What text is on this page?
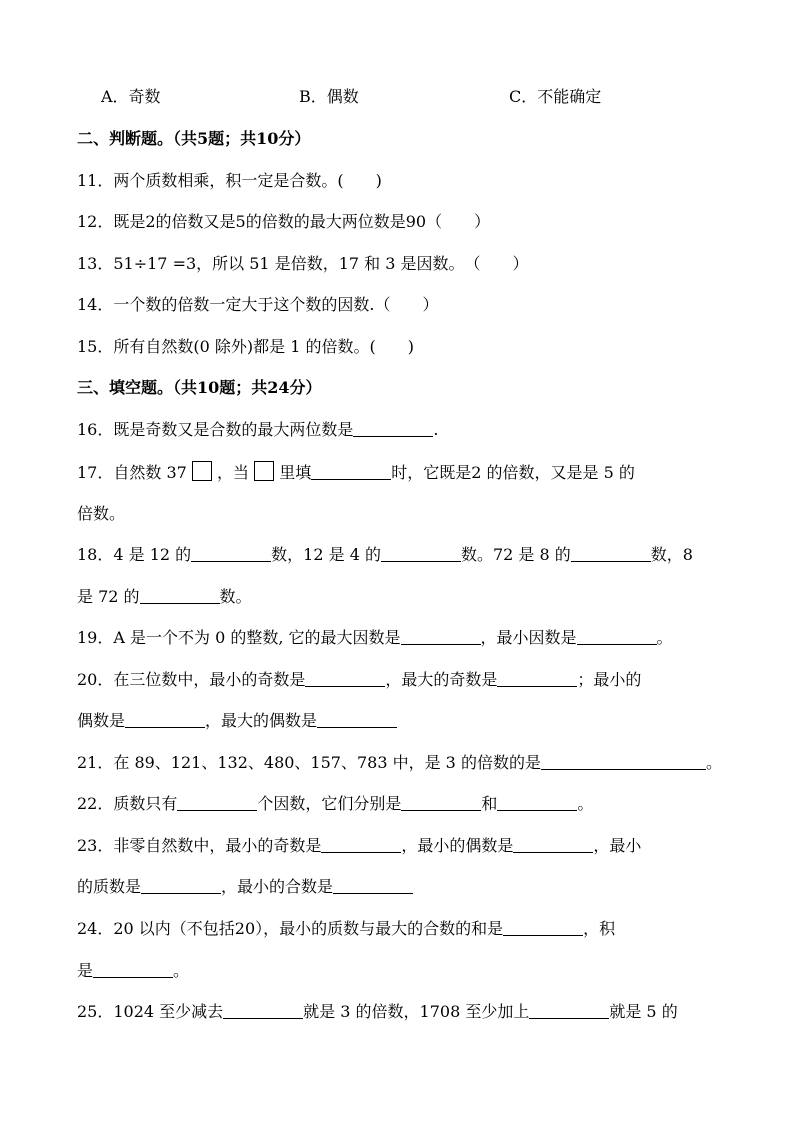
A．奇数	B．偶数	C．不能确定
二、判断题。（共5题；共10分）
11．两个质数相乘，积一定是合数。(　　)
12．既是2的倍数又是5的倍数的最大两位数是90（　　）
13．51÷17 =3，所以 51 是倍数，17 和 3 是因数。　（　　）
14．一个数的倍数一定大于这个数的因数.（　　）
15．所有自然数(0 除外)都是 1 的倍数。(　　)
三、填空题。（共10题；共24分）
16．既是奇数又是合数的最大两位数是	.
17．自然数 37 ，当 里填	时，它既是2 的倍数，又是是 5 的
倍数。
18．4 是 12 的	数，12 是 4 的	数。72 是 8 的	数，8
是 72 的	数。
19．A 是一个不为 0 的整数, 它的最大因数是	，最小因数是	。
20．在三位数中，最小的奇数是	，最大的奇数是	；最小的
偶数是	，最大的偶数是
21．在 89、121、132、480、157、783 中，是 3 的倍数的是	。
22．质数只有	个因数，它们分别是	和	。
23．非零自然数中，最小的奇数是	，最小的偶数是	，最小
的质数是	，最小的合数是
24．20 以内（不包括20），最小的质数与最大的合数的和是	，积
是	。
25．1024 至少减去	就是 3 的倍数，1708 至少加上	就是 5 的
